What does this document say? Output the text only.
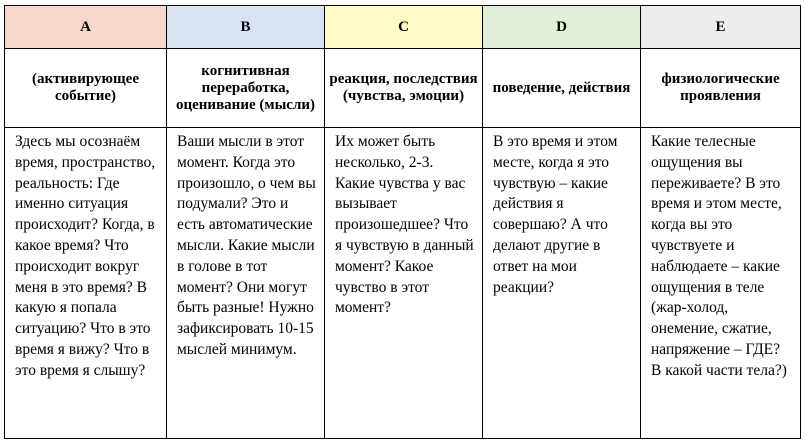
A	B	C	D	E

(активирующее событие)	когнитивная переработка, оценивание (мысли)	реакция, последствия (чувства, эмоции)	поведение, действия	физиологические проявления

Здесь мы осознаём время, пространство, реальность: Где именно ситуация происходит? Когда, в какое время? Что происходит вокруг меня в это время? В какую я попала ситуацию? Что в это время я вижу? Что в это время я слышу?	Ваши мысли в этот момент. Когда это произошло, о чем вы подумали? Это и есть автоматические мысли. Какие мысли в голове в тот момент? Они могут быть разные! Нужно зафиксировать 10-15 мыслей минимум.	Их может быть несколько, 2-3. Какие чувства у вас вызывает произошедшее? Что я чувствую в данный момент? Какое чувство в этот момент?	В это время и этом месте, когда я это чувствую – какие действия я совершаю? А что делают другие в ответ на мои реакции?	Какие телесные ощущения вы переживаете? В это время и этом месте, когда вы это чувствуете и наблюдаете – какие ощущения в теле (жар-холод, онемение, сжатие, напряжение – ГДЕ? В какой части тела?)
